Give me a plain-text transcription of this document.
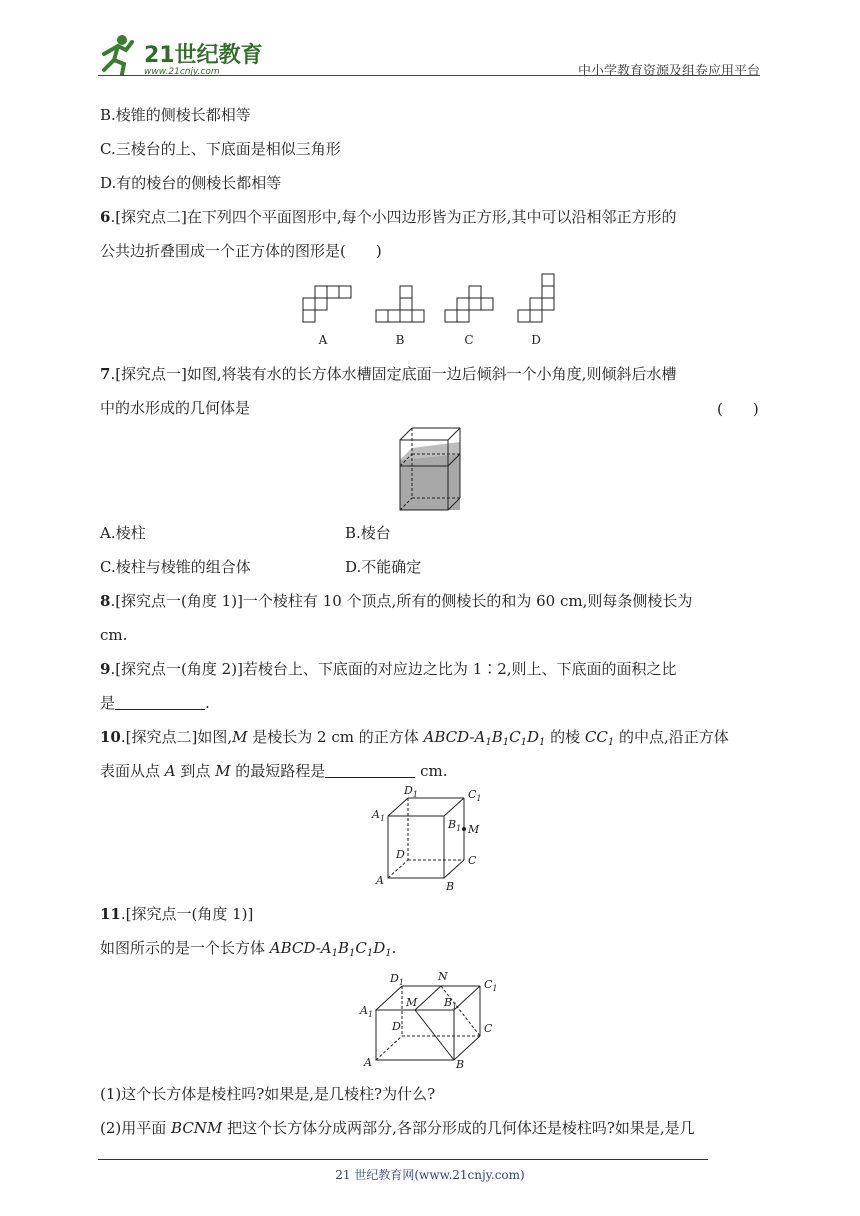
21世纪教育
www.21cnjy.com	中小学教育资源及组卷应用平台
B.棱锥的侧棱长都相等
C.三棱台的上、下底面是相似三角形
D.有的棱台的侧棱长都相等
6.[探究点二]在下列四个平面图形中,每个小四边形皆为正方形,其中可以沿相邻正方形的
公共边折叠围成一个正方体的图形是(　　)
A	B	C	D
7.[探究点一]如图,将装有水的长方体水槽固定底面一边后倾斜一个小角度,则倾斜后水槽
中的水形成的几何体是	(　　)
A.棱柱	B.棱台
C.棱柱与棱锥的组合体	D.不能确定
8.[探究点一(角度 1)]一个棱柱有 10 个顶点,所有的侧棱长的和为 60 cm,则每条侧棱长为
cm.
9.[探究点一(角度 2)]若棱台上、下底面的对应边之比为 1∶2,则上、下底面的面积之比
是	.
10.[探究点二]如图,M 是棱长为 2 cm 的正方体 ABCD-$A_1B_1C_1D_1$ 的棱 $CC_1$ 的中点,沿正方体
表面从点 A 到点 M 的最短路程是	cm.
$D_1$	$C_1$
$A_1$	$B_1$ M
D	C
A	B
11.[探究点一(角度 1)]
如图所示的是一个长方体 ABCD-$A_1B_1C_1D_1$.
$D_1$	N
$C_1$
$A_1$
M $B_1$
D	C
A	B
(1)这个长方体是棱柱吗?如果是,是几棱柱?为什么?
(2)用平面 BCNM 把这个长方体分成两部分,各部分形成的几何体还是棱柱吗?如果是,是几
21 世纪教育网(www.21cnjy.com)
